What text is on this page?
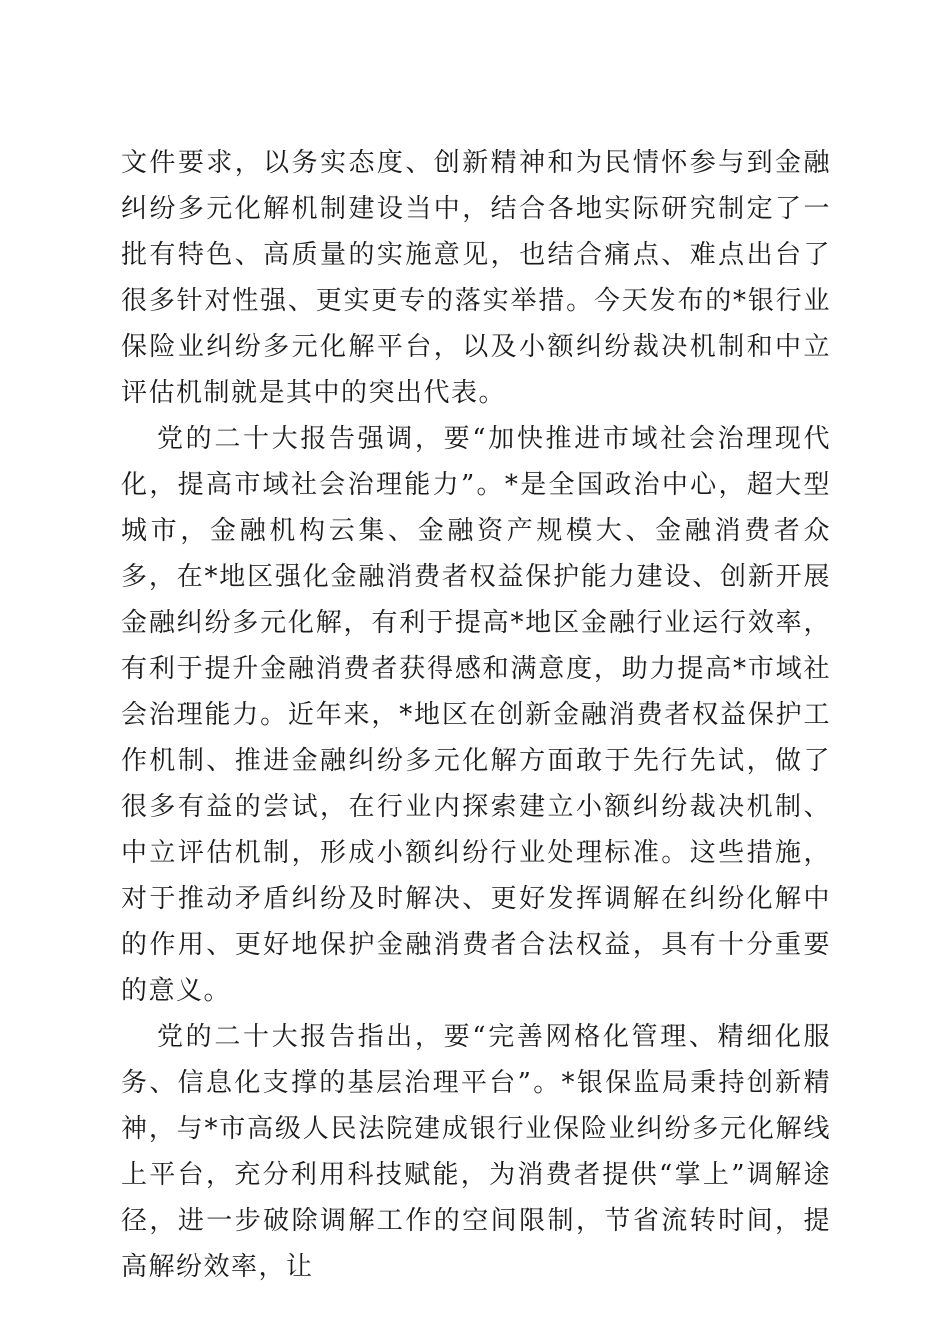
文件要求，以务实态度、创新精神和为民情怀参与到金融纠纷多元化解机制建设当中，结合各地实际研究制定了一批有特色、高质量的实施意见，也结合痛点、难点出台了很多针对性强、更实更专的落实举措。今天发布的*银行业保险业纠纷多元化解平台，以及小额纠纷裁决机制和中立评估机制就是其中的突出代表。

党的二十大报告强调，要“加快推进市域社会治理现代化，提高市域社会治理能力”。*是全国政治中心，超大型城市，金融机构云集、金融资产规模大、金融消费者众多，在*地区强化金融消费者权益保护能力建设、创新开展金融纠纷多元化解，有利于提高*地区金融行业运行效率，有利于提升金融消费者获得感和满意度，助力提高*市域社会治理能力。近年来，*地区在创新金融消费者权益保护工作机制、推进金融纠纷多元化解方面敢于先行先试，做了很多有益的尝试，在行业内探索建立小额纠纷裁决机制、中立评估机制，形成小额纠纷行业处理标准。这些措施，对于推动矛盾纠纷及时解决、更好发挥调解在纠纷化解中的作用、更好地保护金融消费者合法权益，具有十分重要的意义。

党的二十大报告指出，要“完善网格化管理、精细化服务、信息化支撑的基层治理平台”。*银保监局秉持创新精神，与*市高级人民法院建成银行业保险业纠纷多元化解线上平台，充分利用科技赋能，为消费者提供“掌上”调解途径，进一步破除调解工作的空间限制，节省流转时间，提高解纷效率，让
